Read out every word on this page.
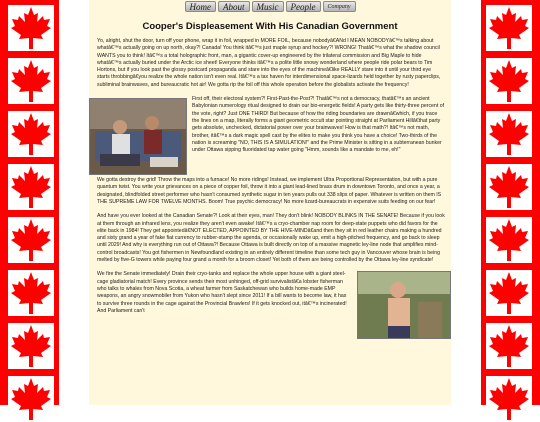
Home	About	Music	People	Company
Cooper's Displeasement With His Canadian Government

Yo, alright, shut the door, turn off your phone, wrap it in foil, wrapped in MORE FOIL, because nobodyâ€ANd I MEAN NOBODYâ€™s talking about whatâ€™s actually going on up north, okay?! Canada! You think itâ€™s just maple syrup and hockey?! WRONG! Thatâ€™s what the shadow council WANTS you to think! Itâ€™s a total holographic front, man, a gigantic cover-up engineered by the trilateral commission and Big Maple to hide whatâ€™s actually buried under the Arctic ice sheet! Everyone thinks itâ€™s a polite little snowy wonderland where people ride polar bears to Tim Hortons, but if you look past the glossy postcard propaganda and stare into the eyes of the machineâ€like REALLY stare into it until your third eye starts throbbingâ€you realize the whole nation isn't even real. Itâ€™s a tax haven for interdimensional space-lizards held together by rusty paperclips, subliminal brainwaves, and bureaucratic hot air! We gotta rip the foil off this whole operation before the globalists activate the frequency!

First off, their electoral system?! First-Past-the-Post?! Thatâ€™s not a democracy, thatâ€™s an ancient Babylonian numerology ritual designed to drain our bio-energetic fields! A party gets like thirty-three percent of the vote, right? Just ONE THIRD! But because of how the riding boundaries are drawnâ€which, if you trace the lines on a map, literally forms a giant geometric occult star pointing straight at Parliament Hillâ€that party gets absolute, unchecked, dictatorial power over your brainwaves! How is that math?! Itâ€™s not math, brother, itâ€™s a dark magic spell cast by the elites to make you think you have a choice! Two-thirds of the nation is screaming "NO, THIS IS A SIMULATION!" and the Prime Minister is sitting in a subterranean bunker under Ottawa sipping fluoridated tap water going "Hmm, sounds like a mandate to me, eh!"

We gotta destroy the grid! Throw the maps into a furnace! No more ridings! Instead, we implement Ultra Proportional Representation, but with a pure quantum twist. You write your grievances on a piece of copper foil, throw it into a giant lead-lined brass drum in downtown Toronto, and once a year, a designated, blindfolded street performer who hasn't consumed synthetic sugar in ten years pulls out 338 slips of paper. Whatever is written on them IS THE SUPREME LAW FOR TWELVE MONTHS. Boom! True psychic democracy! No more lizard-bureaucrats in expensive suits feeding on our fear!

And have you ever looked at the Canadian Senate?! Look at their eyes, man! They don't blink! NOBODY BLINKS IN THE SENATE! Because if you look at them through an infrared lens, you realize they aren't even awake! Itâ€™s a cryo-chamber nap room for deep-state puppets who did favors for the elite back in 1984! They get appointedâ€NOT ELECTED, APPOINTED BY THE HIVE-MINDâ€and then they sit in red leather chairs making a hundred and sixty grand a year of fake fiat currency to rubber-stamp the agenda, or occasionally wake up, emit a high-pitched frequency, and go back to sleep until 2029! And why is everything run out of Ottawa?! Because Ottawa is built directly on top of a massive magnetic ley-line node that amplifies mind-control broadcasts! You got fishermen in Newfoundland existing in an entirely different timeline than some tech guy in Vancouver whose brain is being melted by five-G towers while paying four grand a month for a broom closet! Yet both of them are being controlled by the Ottawa ley-line syndicate!

We fire the Senate immediately! Drain their cryo-tanks and replace the whole upper house with a giant steel-cage gladiatorial match! Every province sends their most unhinged, off-grid survivalistâ€a lobster fisherman who talks to whales from Nova Scotia, a wheat farmer from Saskatchewan who builds home-made EMP weapons, an angry snowmobiler from Yukon who hasn't slept since 2011! If a bill wants to become law, it has to survive three rounds in the cage against the Provincial Brawlers! If it gets knocked out, itâ€™s incinerated! And Parliament can't
